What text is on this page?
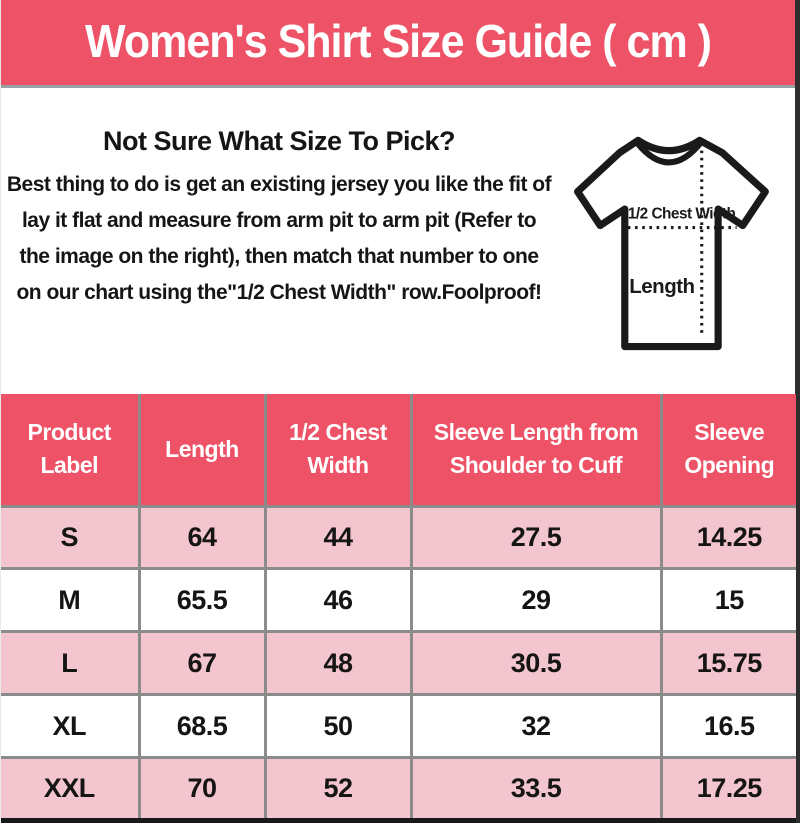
Women's Shirt Size Guide ( cm )
Not Sure What Size To Pick?

Best thing to do is get an existing jersey you like the fit of lay it flat and measure from arm pit to arm pit (Refer to the image on the right), then match that number to one on our chart using the"1/2 Chest Width" row.Foolproof!

1/2 Chest Width
Length
Product Label	Length	1/2 Chest Width	Sleeve Length from Shoulder to Cuff	Sleeve Opening
S	64	44	27.5	14.25
M	65.5	46	29	15
L	67	48	30.5	15.75
XL	68.5	50	32	16.5
XXL	70	52	33.5	17.25
